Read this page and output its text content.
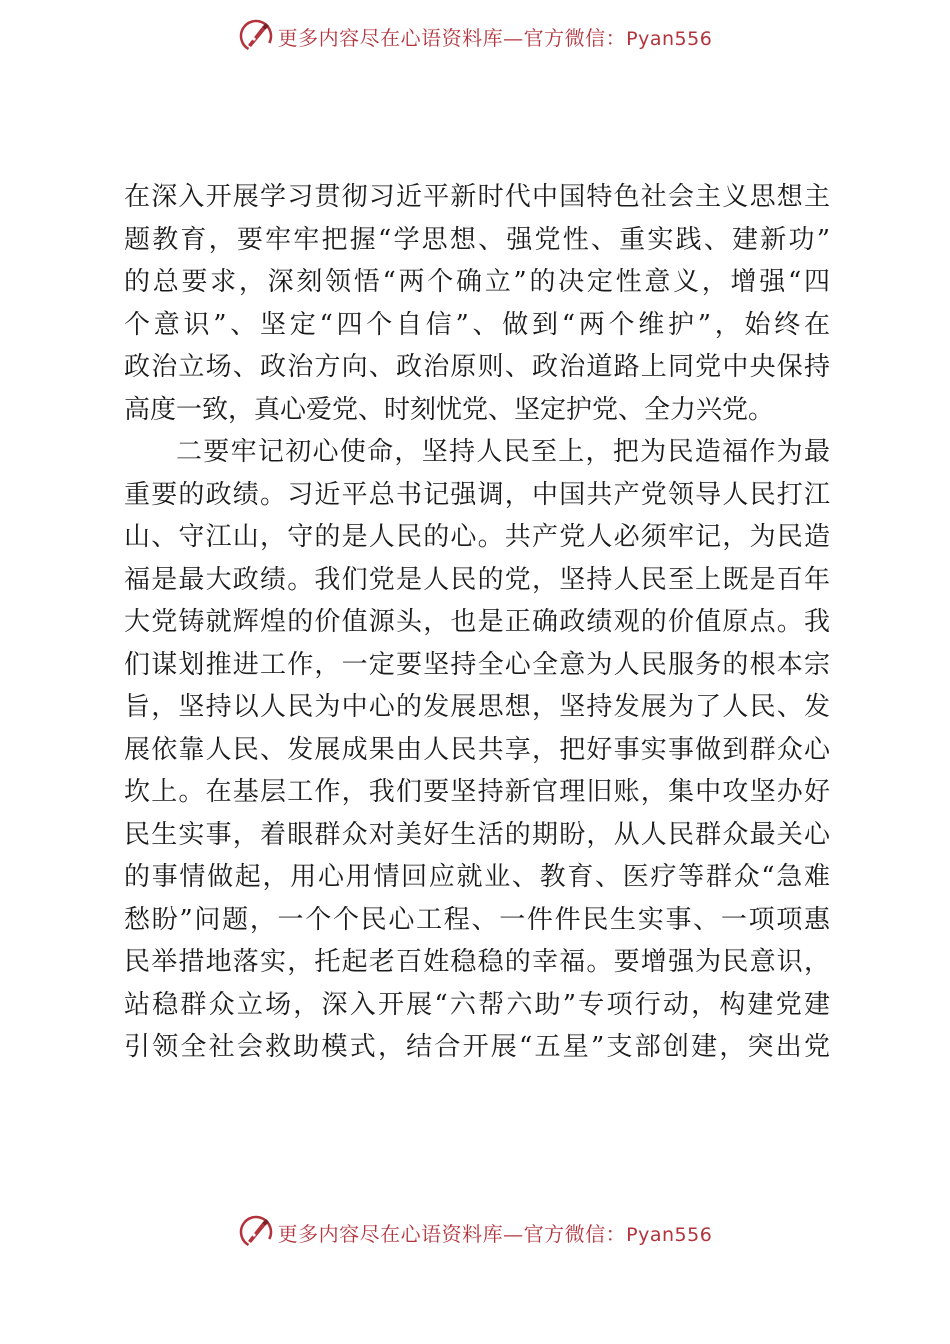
更多内容尽在心语资料库—官方微信：Pyan556
在深入开展学习贯彻习近平新时代中国特色社会主义思想主
题教育，要牢牢把握“学思想、强党性、重实践、建新功”
的总要求，深刻领悟“两个确立”的决定性意义，增强“四
个意识”、坚定“四个自信”、做到“两个维护”，始终在
政治立场、政治方向、政治原则、政治道路上同党中央保持
高度一致，真心爱党、时刻忧党、坚定护党、全力兴党。
二要牢记初心使命，坚持人民至上，把为民造福作为最
重要的政绩。习近平总书记强调，中国共产党领导人民打江
山、守江山，守的是人民的心。共产党人必须牢记，为民造
福是最大政绩。我们党是人民的党，坚持人民至上既是百年
大党铸就辉煌的价值源头，也是正确政绩观的价值原点。我
们谋划推进工作，一定要坚持全心全意为人民服务的根本宗
旨，坚持以人民为中心的发展思想，坚持发展为了人民、发
展依靠人民、发展成果由人民共享，把好事实事做到群众心
坎上。在基层工作，我们要坚持新官理旧账，集中攻坚办好
民生实事，着眼群众对美好生活的期盼，从人民群众最关心
的事情做起，用心用情回应就业、教育、医疗等群众“急难
愁盼”问题，一个个民心工程、一件件民生实事、一项项惠
民举措地落实，托起老百姓稳稳的幸福。要增强为民意识，
站稳群众立场，深入开展“六帮六助”专项行动，构建党建
引领全社会救助模式，结合开展“五星”支部创建，突出党
更多内容尽在心语资料库—官方微信：Pyan556
